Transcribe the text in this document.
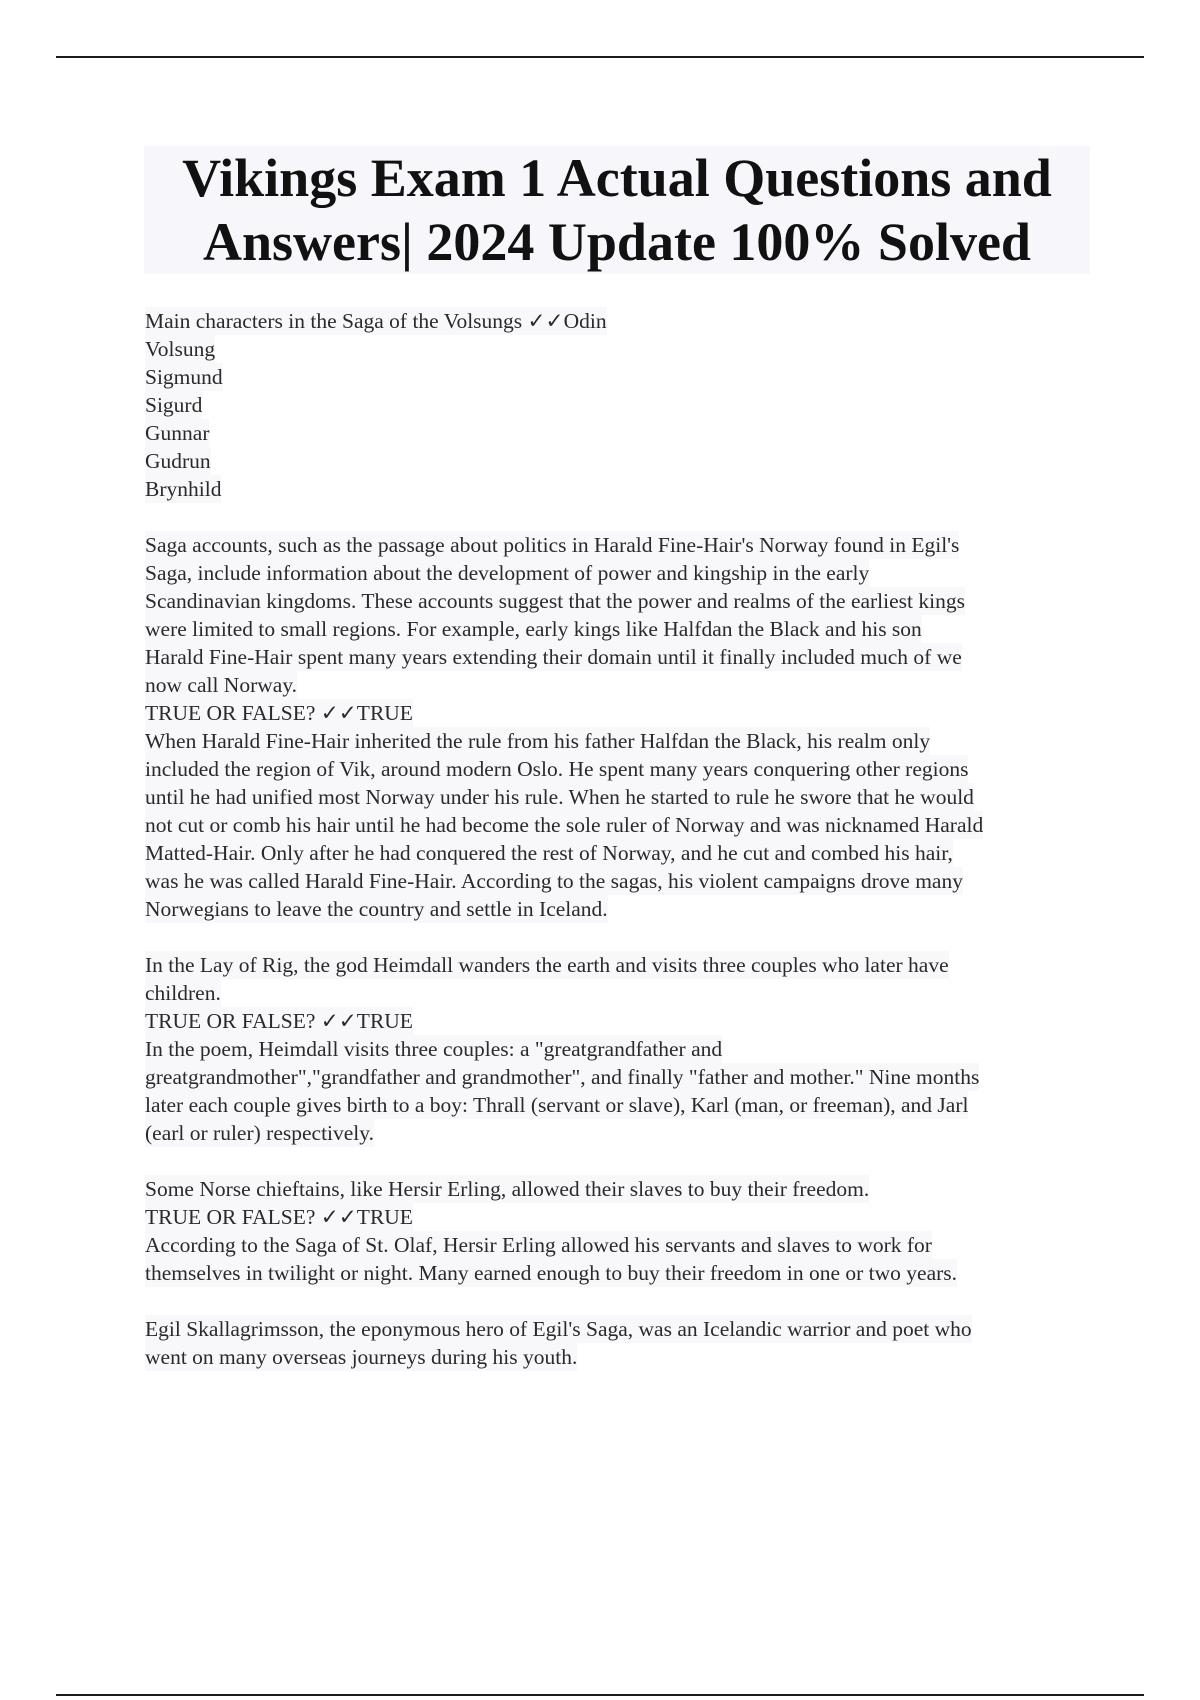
Vikings Exam 1 Actual Questions and
Answers| 2024 Update 100% Solved
Main characters in the Saga of the Volsungs ✓✓Odin
Volsung
Sigmund
Sigurd
Gunnar
Gudrun
Brynhild
Saga accounts, such as the passage about politics in Harald Fine-Hair's Norway found in Egil's
Saga, include information about the development of power and kingship in the early
Scandinavian kingdoms. These accounts suggest that the power and realms of the earliest kings
were limited to small regions. For example, early kings like Halfdan the Black and his son
Harald Fine-Hair spent many years extending their domain until it finally included much of we
now call Norway.
TRUE OR FALSE? ✓✓TRUE
When Harald Fine-Hair inherited the rule from his father Halfdan the Black, his realm only
included the region of Vik, around modern Oslo. He spent many years conquering other regions
until he had unified most Norway under his rule. When he started to rule he swore that he would
not cut or comb his hair until he had become the sole ruler of Norway and was nicknamed Harald
Matted-Hair. Only after he had conquered the rest of Norway, and he cut and combed his hair,
was he was called Harald Fine-Hair. According to the sagas, his violent campaigns drove many
Norwegians to leave the country and settle in Iceland.
In the Lay of Rig, the god Heimdall wanders the earth and visits three couples who later have
children.
TRUE OR FALSE? ✓✓TRUE
In the poem, Heimdall visits three couples: a "greatgrandfather and
greatgrandmother","grandfather and grandmother", and finally "father and mother." Nine months
later each couple gives birth to a boy: Thrall (servant or slave), Karl (man, or freeman), and Jarl
(earl or ruler) respectively.
Some Norse chieftains, like Hersir Erling, allowed their slaves to buy their freedom.
TRUE OR FALSE? ✓✓TRUE
According to the Saga of St. Olaf, Hersir Erling allowed his servants and slaves to work for
themselves in twilight or night. Many earned enough to buy their freedom in one or two years.
Egil Skallagrimsson, the eponymous hero of Egil's Saga, was an Icelandic warrior and poet who
went on many overseas journeys during his youth.
